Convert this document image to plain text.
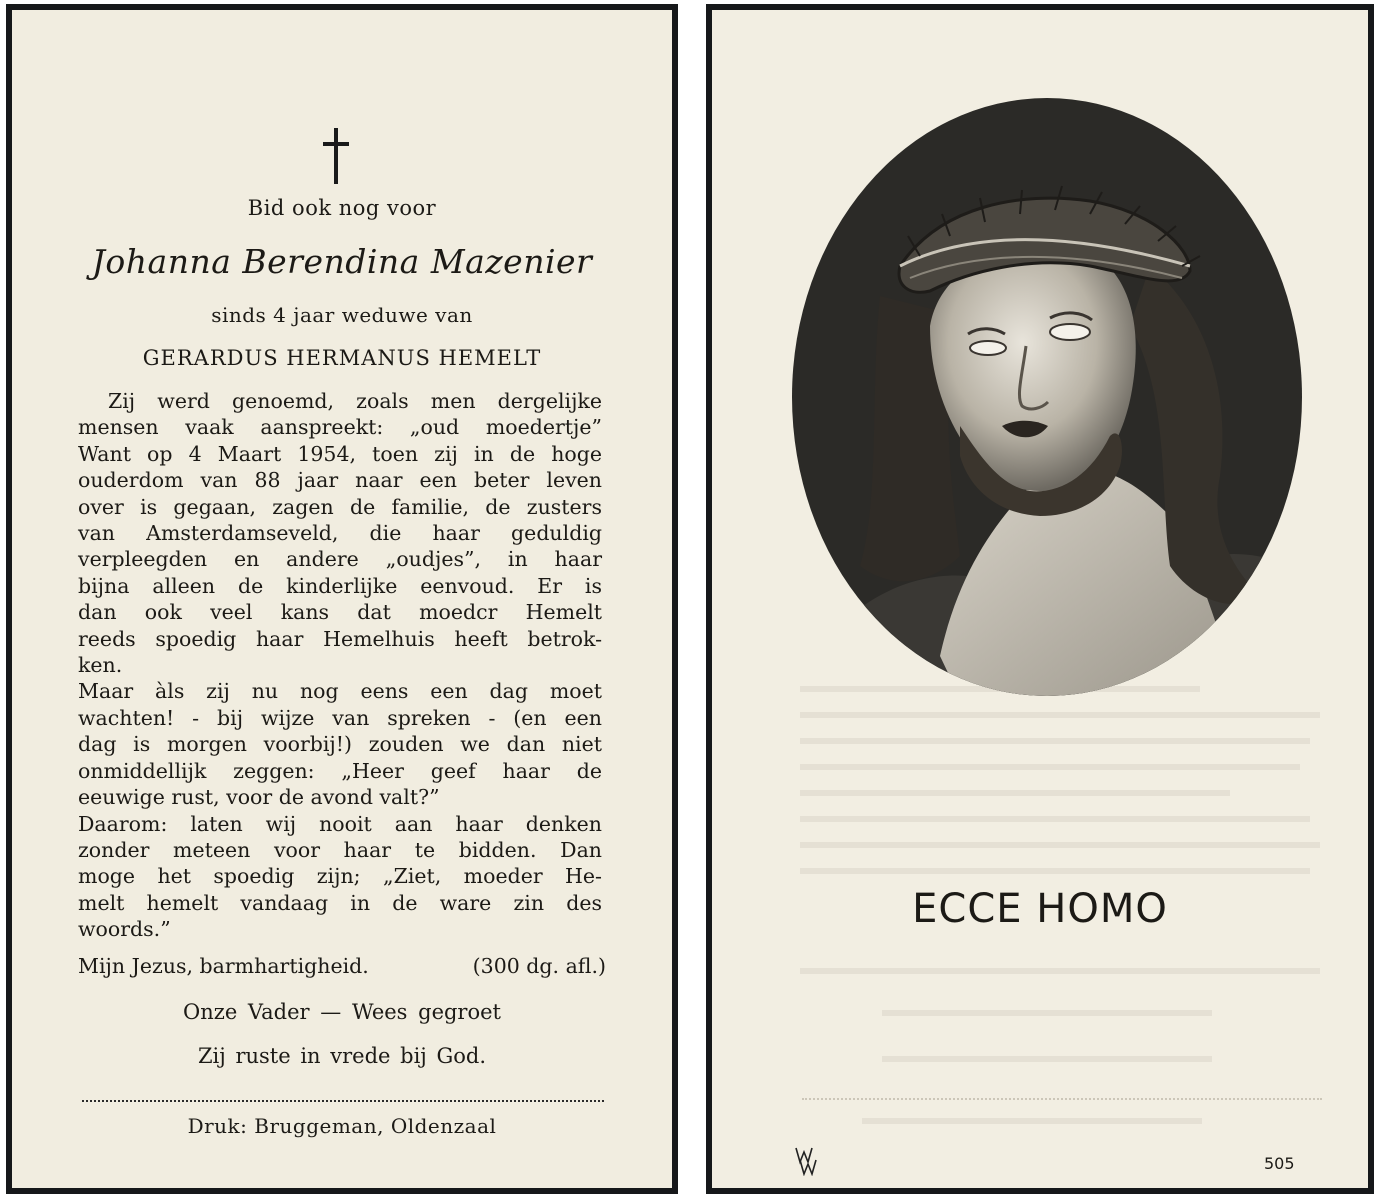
Bid ook nog voor
Johanna Berendina Mazenier
sinds 4 jaar weduwe van
GERARDUS HERMANUS HEMELT

Zij werd genoemd, zoals men dergelijke

mensen vaak aanspreekt: „oud moedertje”

Want op 4 Maart 1954, toen zij in de hoge

ouderdom van 88 jaar naar een beter leven

over is gegaan, zagen de familie, de zusters

van Amsterdamseveld, die haar geduldig

verpleegden en andere „oudjes”, in haar

bijna alleen de kinderlijke eenvoud. Er is

dan ook veel kans dat moedcr Hemelt

reeds spoedig haar Hemelhuis heeft betrok-

ken.

Maar àls zij nu nog eens een dag moet

wachten! - bij wijze van spreken - (en een

dag is morgen voorbij!) zouden we dan niet

onmiddellijk zeggen: „Heer geef haar de

eeuwige rust, voor de avond valt?”

Daarom: laten wij nooit aan haar denken

zonder meteen voor haar te bidden. Dan

moge het spoedig zijn; „Ziet, moeder He-

melt hemelt vandaag in de ware zin des

woords.”

Mijn Jezus, barmhartigheid.	(300 dg. afl.)
Onze Vader — Wees gegroet
Zij ruste in vrede bij God.
Druk: Bruggeman, Oldenzaal
ECCE HOMO
505
